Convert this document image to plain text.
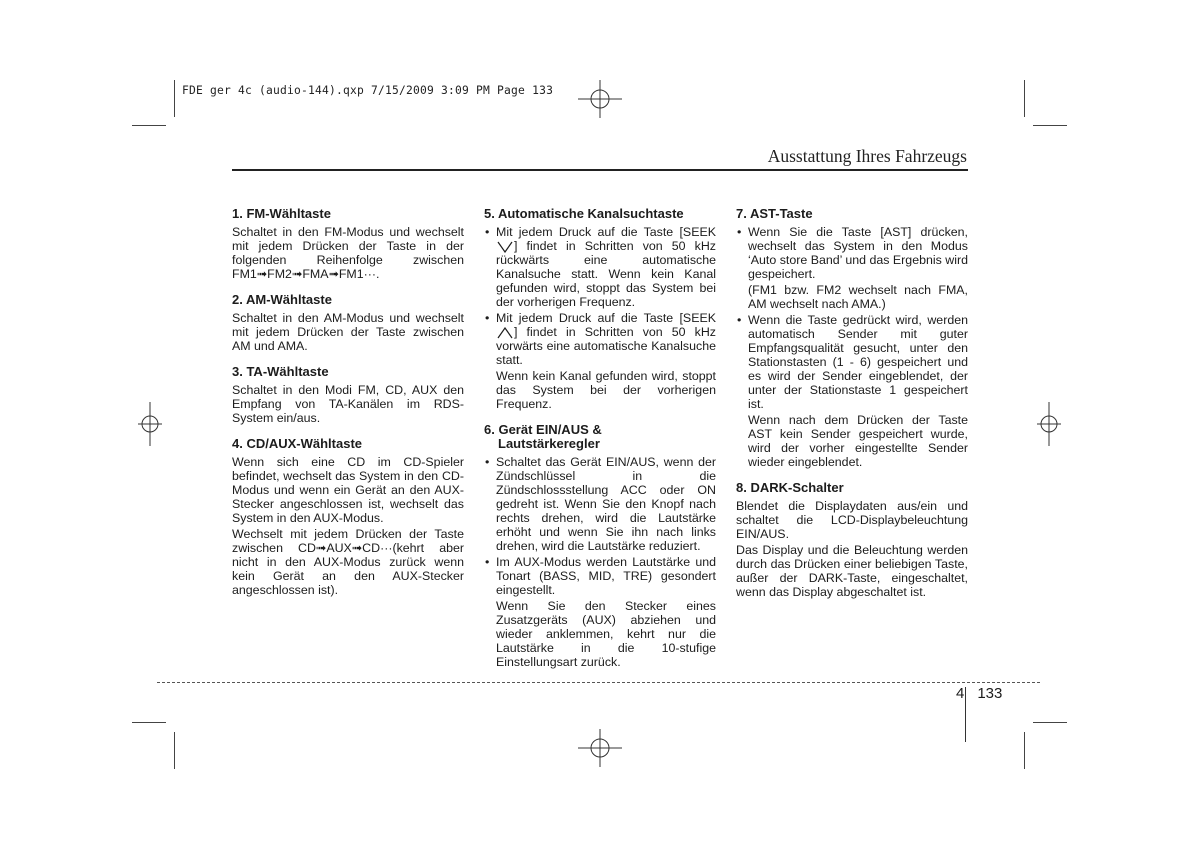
FDE ger 4c (audio-144).qxp 7/15/2009 3:09 PM Page 133
Ausstattung Ihres Fahrzeugs
1. FM-Wähltaste

Schaltet in den FM-Modus und wechselt mit jedem Drücken der Taste in der folgenden Reihenfolge zwischen FM1➟FM2➟FMA➟FM1···.

2. AM-Wähltaste

Schaltet in den AM-Modus und wechselt mit jedem Drücken der Taste zwischen AM und AMA.

3. TA-Wähltaste

Schaltet in den Modi FM, CD, AUX den Empfang von TA-Kanälen im RDS-System ein/aus.

4. CD/AUX-Wähltaste

Wenn sich eine CD im CD-Spieler befindet, wechselt das System in den CD-Modus und wenn ein Gerät an den AUX-Stecker angeschlossen ist, wechselt das System in den AUX-Modus.

Wechselt mit jedem Drücken der Taste zwischen CD➟AUX➟CD···(kehrt aber nicht in den AUX-Modus zurück wenn kein Gerät an den AUX-Stecker angeschlossen ist).

5. Automatische Kanalsuchtaste
• Mit jedem Druck auf die Taste [SEEK] findet in Schritten von 50 kHz rückwärts eine automatische Kanalsuche statt. Wenn kein Kanal gefunden wird, stoppt das System bei der vorherigen Frequenz.
• Mit jedem Druck auf die Taste [SEEK] findet in Schritten von 50 kHz vorwärts eine automatische Kanalsuche statt.
Wenn kein Kanal gefunden wird, stoppt das System bei der vorherigen Frequenz.
6. Gerät EIN/AUS &
Lautstärkeregler
• Schaltet das Gerät EIN/AUS, wenn der Zündschlüssel in die Zündschlossstellung ACC oder ON gedreht ist. Wenn Sie den Knopf nach rechts drehen, wird die Lautstärke erhöht und wenn Sie ihn nach links drehen, wird die Lautstärke reduziert.
• Im AUX-Modus werden Lautstärke und Tonart (BASS, MID, TRE) gesondert eingestellt.
Wenn Sie den Stecker eines Zusatzgeräts (AUX) abziehen und wieder anklemmen, kehrt nur die Lautstärke in die 10-stufige Einstellungsart zurück.
7. AST-Taste
• Wenn Sie die Taste [AST] drücken, wechselt das System in den Modus ‘Auto store Band’ und das Ergebnis wird gespeichert.
(FM1 bzw. FM2 wechselt nach FMA, AM wechselt nach AMA.)
• Wenn die Taste gedrückt wird, werden automatisch Sender mit guter Empfangsqualität gesucht, unter den Stationstasten (1 - 6) gespeichert und es wird der Sender eingeblendet, der unter der Stationstaste 1 gespeichert ist.
Wenn nach dem Drücken der Taste AST kein Sender gespeichert wurde, wird der vorher eingestellte Sender wieder eingeblendet.
8. DARK-Schalter

Blendet die Displaydaten aus/ein und schaltet die LCD-Displaybeleuchtung EIN/AUS.

Das Display und die Beleuchtung werden durch das Drücken einer beliebigen Taste, außer der DARK-Taste, eingeschaltet, wenn das Display abgeschaltet ist.

4 133
